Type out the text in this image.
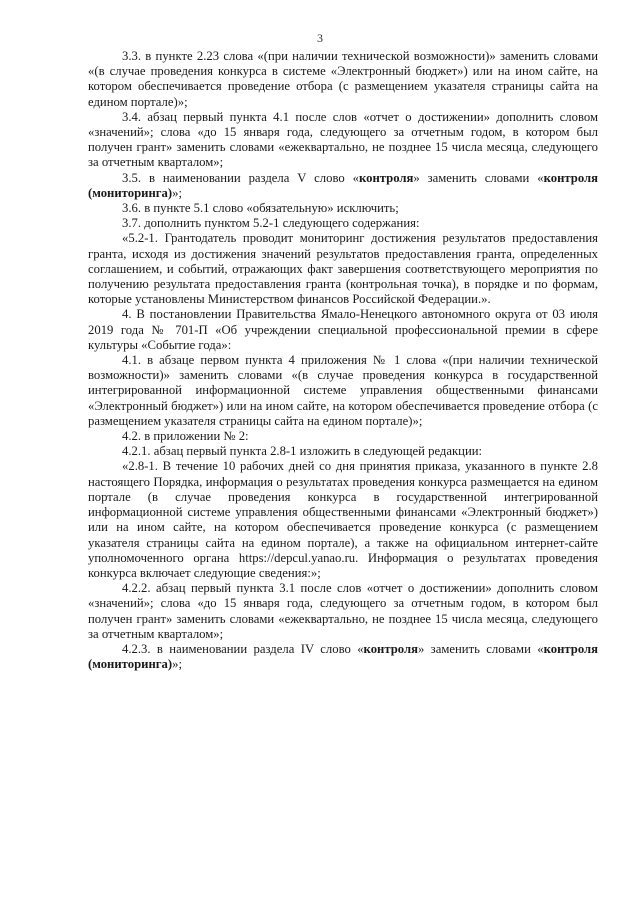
3

3.3. в пункте 2.23 слова «(при наличии технической возможности)» заменить словами «(в случае проведения конкурса в системе «Электронный бюджет») или на ином сайте, на котором обеспечивается проведение отбора (с размещением указателя страницы сайта на едином портале)»;

3.4. абзац первый пункта 4.1 после слов «отчет о достижении» дополнить словом «значений»; слова «до 15 января года, следующего за отчетным годом, в котором был получен грант» заменить словами «ежеквартально, не позднее 15 числа месяца, следующего за отчетным кварталом»;

3.5. в наименовании раздела V слово «контроля» заменить словами «контроля (мониторинга)»;

3.6. в пункте 5.1 слово «обязательную» исключить;

3.7. дополнить пунктом 5.2-1 следующего содержания:

«5.2-1. Грантодатель проводит мониторинг достижения результатов предоставления гранта, исходя из достижения значений результатов предоставления гранта, определенных соглашением, и событий, отражающих факт завершения соответствующего мероприятия по получению результата предоставления гранта (контрольная точка), в порядке и по формам, которые установлены Министерством финансов Российской Федерации.».

4. В постановлении Правительства Ямало-Ненецкого автономного округа от 03 июля 2019 года № 701-П «Об учреждении специальной профессиональной премии в сфере культуры «Событие года»:

4.1. в абзаце первом пункта 4 приложения № 1 слова «(при наличии технической возможности)» заменить словами «(в случае проведения конкурса в государственной интегрированной информационной системе управления общественными финансами «Электронный бюджет») или на ином сайте, на котором обеспечивается проведение отбора (с размещением указателя страницы сайта на едином портале)»;

4.2. в приложении № 2:

4.2.1. абзац первый пункта 2.8-1 изложить в следующей редакции:

«2.8-1. В течение 10 рабочих дней со дня принятия приказа, указанного в пункте 2.8 настоящего Порядка, информация о результатах проведения конкурса размещается на едином портале (в случае проведения конкурса в государственной интегрированной информационной системе управления общественными финансами «Электронный бюджет») или на ином сайте, на котором обеспечивается проведение конкурса (с размещением указателя страницы сайта на едином портале), а также на официальном интернет-сайте уполномоченного органа https://depcul.yanao.ru. Информация о результатах проведения конкурса включает следующие сведения:»;

4.2.2. абзац первый пункта 3.1 после слов «отчет о достижении» дополнить словом «значений»; слова «до 15 января года, следующего за отчетным годом, в котором был получен грант» заменить словами «ежеквартально, не позднее 15 числа месяца, следующего за отчетным кварталом»;

4.2.3. в наименовании раздела IV слово «контроля» заменить словами «контроля (мониторинга)»;
